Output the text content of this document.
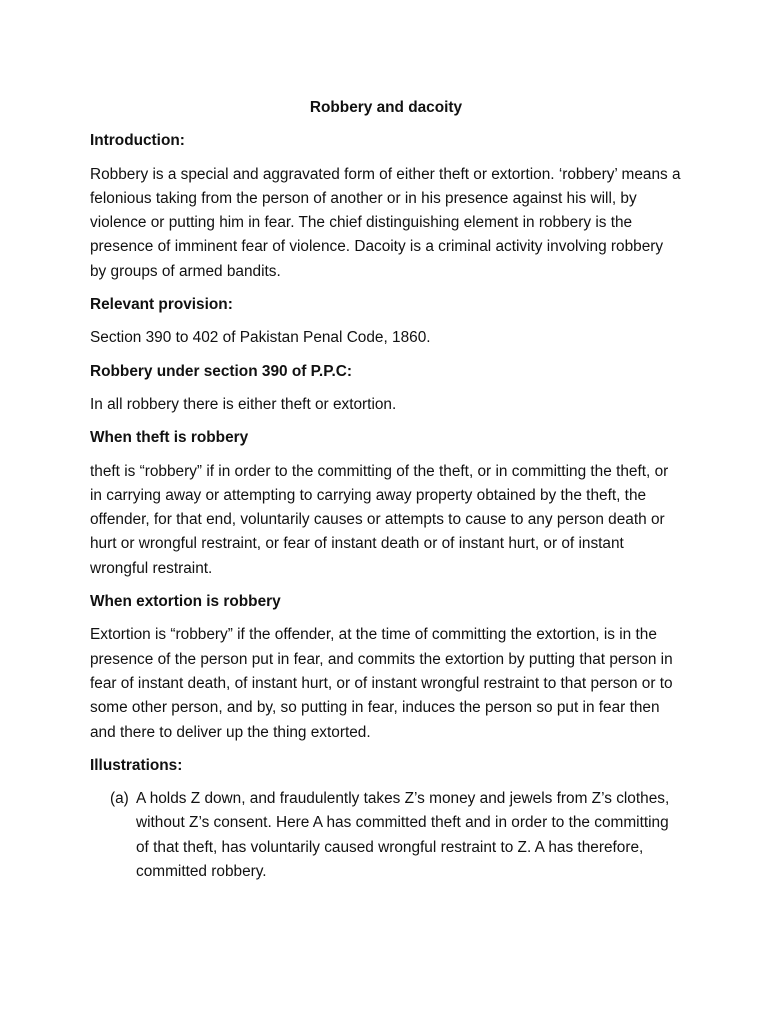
Robbery and dacoity
Introduction:
Robbery is a special and aggravated form of either theft or extortion. ‘robbery’ means a felonious taking from the person of another or in his presence against his will, by violence or putting him in fear. The chief distinguishing element in robbery is the presence of imminent fear of violence. Dacoity is a criminal activity involving robbery by groups of armed bandits.
Relevant provision:
Section 390 to 402 of Pakistan Penal Code, 1860.
Robbery under section 390 of P.P.C:
In all robbery there is either theft or extortion.
When theft is robbery
theft is “robbery” if in order to the committing of the theft, or in committing the theft, or in carrying away or attempting to carrying away property obtained by the theft, the offender, for that end, voluntarily causes or attempts to cause to any person death or hurt or wrongful restraint, or fear of instant death or of instant hurt, or of instant wrongful restraint.
When extortion is robbery
Extortion is “robbery” if the offender, at the time of committing the extortion, is in the presence of the person put in fear, and commits the extortion by putting that person in fear of instant death, of instant hurt, or of instant wrongful restraint to that person or to some other person, and by, so putting in fear, induces the person so put in fear then and there to deliver up the thing extorted.
Illustrations:
(a) A holds Z down, and fraudulently takes Z’s money and jewels from Z’s clothes, without Z’s consent. Here A has committed theft and in order to the committing of that theft, has voluntarily caused wrongful restraint to Z. A has therefore, committed robbery.
